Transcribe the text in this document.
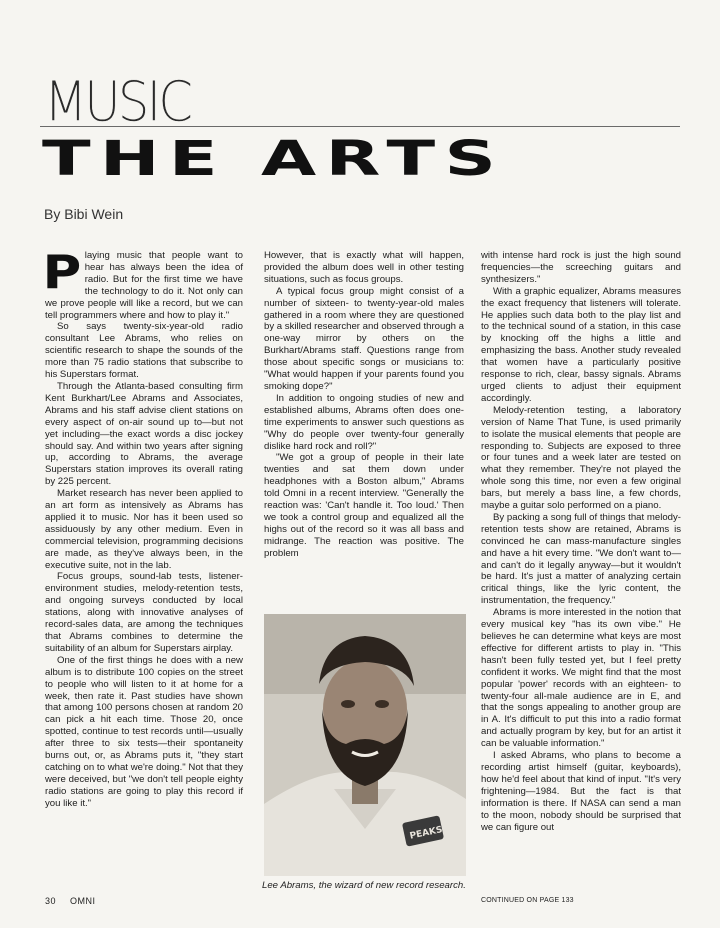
MUSIC
THE ARTS
By Bibi Wein

Playing music that people want to hear has always been the idea of radio. But for the first time we have the technology to do it. Not only can we prove people will like a record, but we can tell programmers where and how to play it."

So says twenty-six-year-old radio consultant Lee Abrams, who relies on scientific research to shape the sounds of the more than 75 radio stations that subscribe to his Superstars format.

Through the Atlanta-based consulting firm Kent Burkhart/Lee Abrams and Associates, Abrams and his staff advise client stations on every aspect of on-air sound up to—but not yet including—the exact words a disc jockey should say. And within two years after signing up, according to Abrams, the average Superstars station improves its overall rating by 225 percent.

Market research has never been applied to an art form as intensively as Abrams has applied it to music. Nor has it been used so assiduously by any other medium. Even in commercial television, programming decisions are made, as they've always been, in the executive suite, not in the lab.

Focus groups, sound-lab tests, listener-environment studies, melody-retention tests, and ongoing surveys conducted by local stations, along with innovative analyses of record-sales data, are among the techniques that Abrams combines to determine the suitability of an album for Superstars airplay.

One of the first things he does with a new album is to distribute 100 copies on the street to people who will listen to it at home for a week, then rate it. Past studies have shown that among 100 persons chosen at random 20 can pick a hit each time. Those 20, once spotted, continue to test records until—usually after three to six tests—their spontaneity burns out, or, as Abrams puts it, "they start catching on to what we're doing." Not that they were deceived, but "we don't tell people eighty radio stations are going to play this record if you like it."

However, that is exactly what will happen, provided the album does well in other testing situations, such as focus groups.

A typical focus group might consist of a number of sixteen- to twenty-year-old males gathered in a room where they are questioned by a skilled researcher and observed through a one-way mirror by others on the Burkhart/Abrams staff. Questions range from those about specific songs or musicians to: "What would happen if your parents found you smoking dope?"

In addition to ongoing studies of new and established albums, Abrams often does one-time experiments to answer such questions as "Why do people over twenty-four generally dislike hard rock and roll?"

"We got a group of people in their late twenties and sat them down under headphones with a Boston album," Abrams told Omni in a recent interview. "Generally the reaction was: 'Can't handle it. Too loud.' Then we took a control group and equalized all the highs out of the record so it was all bass and midrange. The reaction was positive. The problem

PEAKS
Lee Abrams, the wizard of new record research.

with intense hard rock is just the high sound frequencies—the screeching guitars and synthesizers."

With a graphic equalizer, Abrams measures the exact frequency that listeners will tolerate. He applies such data both to the play list and to the technical sound of a station, in this case by knocking off the highs a little and emphasizing the bass. Another study revealed that women have a particularly positive response to rich, clear, bassy signals. Abrams urged clients to adjust their equipment accordingly.

Melody-retention testing, a laboratory version of Name That Tune, is used primarily to isolate the musical elements that people are responding to. Subjects are exposed to three or four tunes and a week later are tested on what they remember. They're not played the whole song this time, nor even a few original bars, but merely a bass line, a few chords, maybe a guitar solo performed on a piano.

By packing a song full of things that melody-retention tests show are retained, Abrams is convinced he can mass-manufacture singles and have a hit every time. "We don't want to—and can't do it legally anyway—but it wouldn't be hard. It's just a matter of analyzing certain critical things, like the lyric content, the instrumentation, the frequency."

Abrams is more interested in the notion that every musical key "has its own vibe." He believes he can determine what keys are most effective for different artists to play in. "This hasn't been fully tested yet, but I feel pretty confident it works. We might find that the most popular 'power' records with an eighteen- to twenty-four all-male audience are in E, and that the songs appealing to another group are in A. It's difficult to put this into a radio format and actually program by key, but for an artist it can be valuable information."

I asked Abrams, who plans to become a recording artist himself (guitar, keyboards), how he'd feel about that kind of input. "It's very frightening—1984. But the fact is that information is there. If NASA can send a man to the moon, nobody should be surprised that we can figure out

30 OMNI	CONTINUED ON PAGE 133
